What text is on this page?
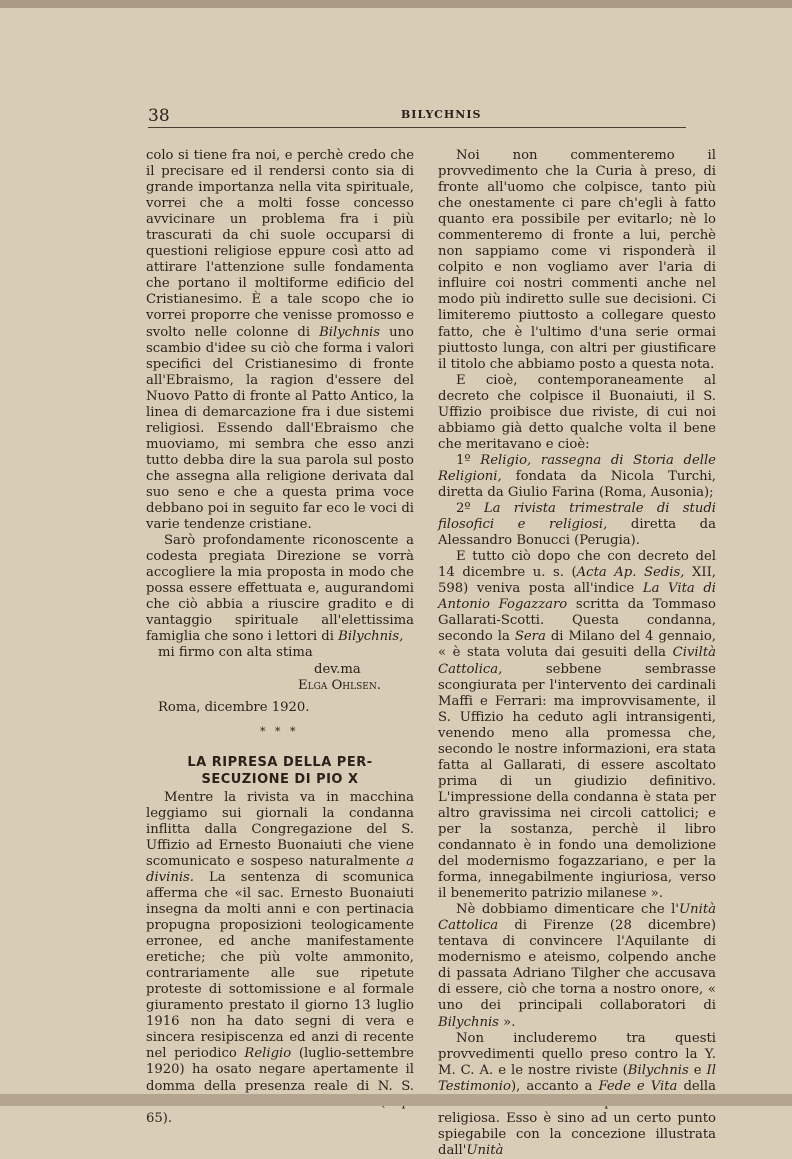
38	BILYCHNIS

colo si tiene fra noi, e perchè credo che il precisare ed il rendersi conto sia di grande importanza nella vita spirituale, vorrei che a molti fosse concesso avvicinare un problema fra i più trascurati da chi suole occuparsi di questioni religiose eppure così atto ad attirare l'attenzione sulle fondamenta che portano il moltiforme edificio del Cristianesimo. È a tale scopo che io vorrei proporre che venisse promosso e svolto nelle colonne di Bilychnis uno scambio d'idee su ciò che forma i valori specifici del Cristianesimo di fronte all'Ebraismo, la ragion d'essere del Nuovo Patto di fronte al Patto Antico, la linea di demarcazione fra i due sistemi religiosi. Essendo dall'Ebraismo che muoviamo, mi sembra che esso anzi tutto debba dire la sua parola sul posto che assegna alla religione derivata dal suo seno e che a questa prima voce debbano poi in seguito far eco le voci di varie tendenze cristiane.

Sarò profondamente riconoscente a codesta pregiata Direzione se vorrà accogliere la mia proposta in modo che possa essere effettuata e, augurandomi che ciò abbia a riuscire gradito e di vantaggio spirituale all'elettissima famiglia che sono i lettori di Bilychnis,

mi firmo con alta stima

dev.ma

Elga Ohlsen.

Roma, dicembre 1920.

* * *

LA RIPRESA DELLA PER-
SECUZIONE DI PIO X

Mentre la rivista va in macchina leggiamo sui giornali la condanna inflitta dalla Congregazione del S. Uffizio ad Ernesto Buonaiuti che viene scomunicato e sospeso naturalmente a divinis. La sentenza di scomunica afferma che «il sac. Ernesto Buonaiuti insegna da molti anni e con pertinacia propugna proposizioni teologicamente erronee, ed anche manifestamente eretiche; che più volte ammonito, contrariamente alle sue ripetute proteste di sottomissione e al formale giuramento prestato il giorno 13 luglio 1916 non ha dato segni di vera e sincera resipiscenza ed anzi di recente nel periodico Religio (luglio-settembre 1920) ha osato negare apertamente il domma della presenza reale di N. S. 65).

Noi non commenteremo il provvedimento che la Curia à preso, di fronte all'uomo che colpisce, tanto più che onestamente ci pare ch'egli à fatto quanto era possibile per evitarlo; nè lo commenteremo di fronte a lui, perchè non sappiamo come vi risponderà il colpito e non vogliamo aver l'aria di influire coi nostri commenti anche nel modo più indiretto sulle sue decisioni. Ci limiteremo piuttosto a collegare questo fatto, che è l'ultimo d'una serie ormai piuttosto lunga, con altri per giustificare il titolo che abbiamo posto a questa nota.

E cioè, contemporaneamente al decreto che colpisce il Buonaiuti, il S. Uffizio proibisce due riviste, di cui noi abbiamo già detto qualche volta il bene che meritavano e cioè:

1º Religio, rassegna di Storia delle Religioni, fondata da Nicola Turchi, diretta da Giulio Farina (Roma, Ausonia);

2º La rivista trimestrale di studi filosofici e religiosi, diretta da Alessandro Bonucci (Perugia).

E tutto ciò dopo che con decreto del 14 dicembre u. s. (Acta Ap. Sedis, XII, 598) veniva posta all'indice La Vita di Antonio Fogazzaro scritta da Tommaso Gallarati-Scotti. Questa condanna, secondo la Sera di Milano del 4 gennaio, « è stata voluta dai gesuiti della Civiltà Cattolica,	sebbene sembrasse scongiurata per l'intervento dei cardinali Maffi e Ferrari: ma improvvisamente, il S. Uffizio ha ceduto agli intransigenti, venendo meno alla promessa che, secondo le nostre informazioni, era stata fatta al Gallarati, di essere ascoltato prima di un giudizio definitivo. L'impressione della condanna è stata per altro gravissima nei circoli cattolici; e per la sostanza, perchè il libro condannato è in fondo una demolizione del modernismo fogazzariano, e per la forma, innegabilmente ingiuriosa, verso il benemerito patrizio milanese ».

Nè dobbiamo dimenticare che l'Unità Cattolica di Firenze (28 dicembre) tentava di convincere l'Aquilante di modernismo e ateismo, colpendo anche di passata Adriano Tilgher che accusava di essere, ciò che torna a nostro onore, « uno dei principali collaboratori di Bilychnis ».

Non includeremo tra questi provvedimenti quello preso contro la Y. M. C. A. e le nostre riviste (Bilychnis e Il Testimonio), accanto a Fede e Vita della religiosa. Esso è sino ad un certo punto spiegabile con la concezione illustrata dall'Unità
